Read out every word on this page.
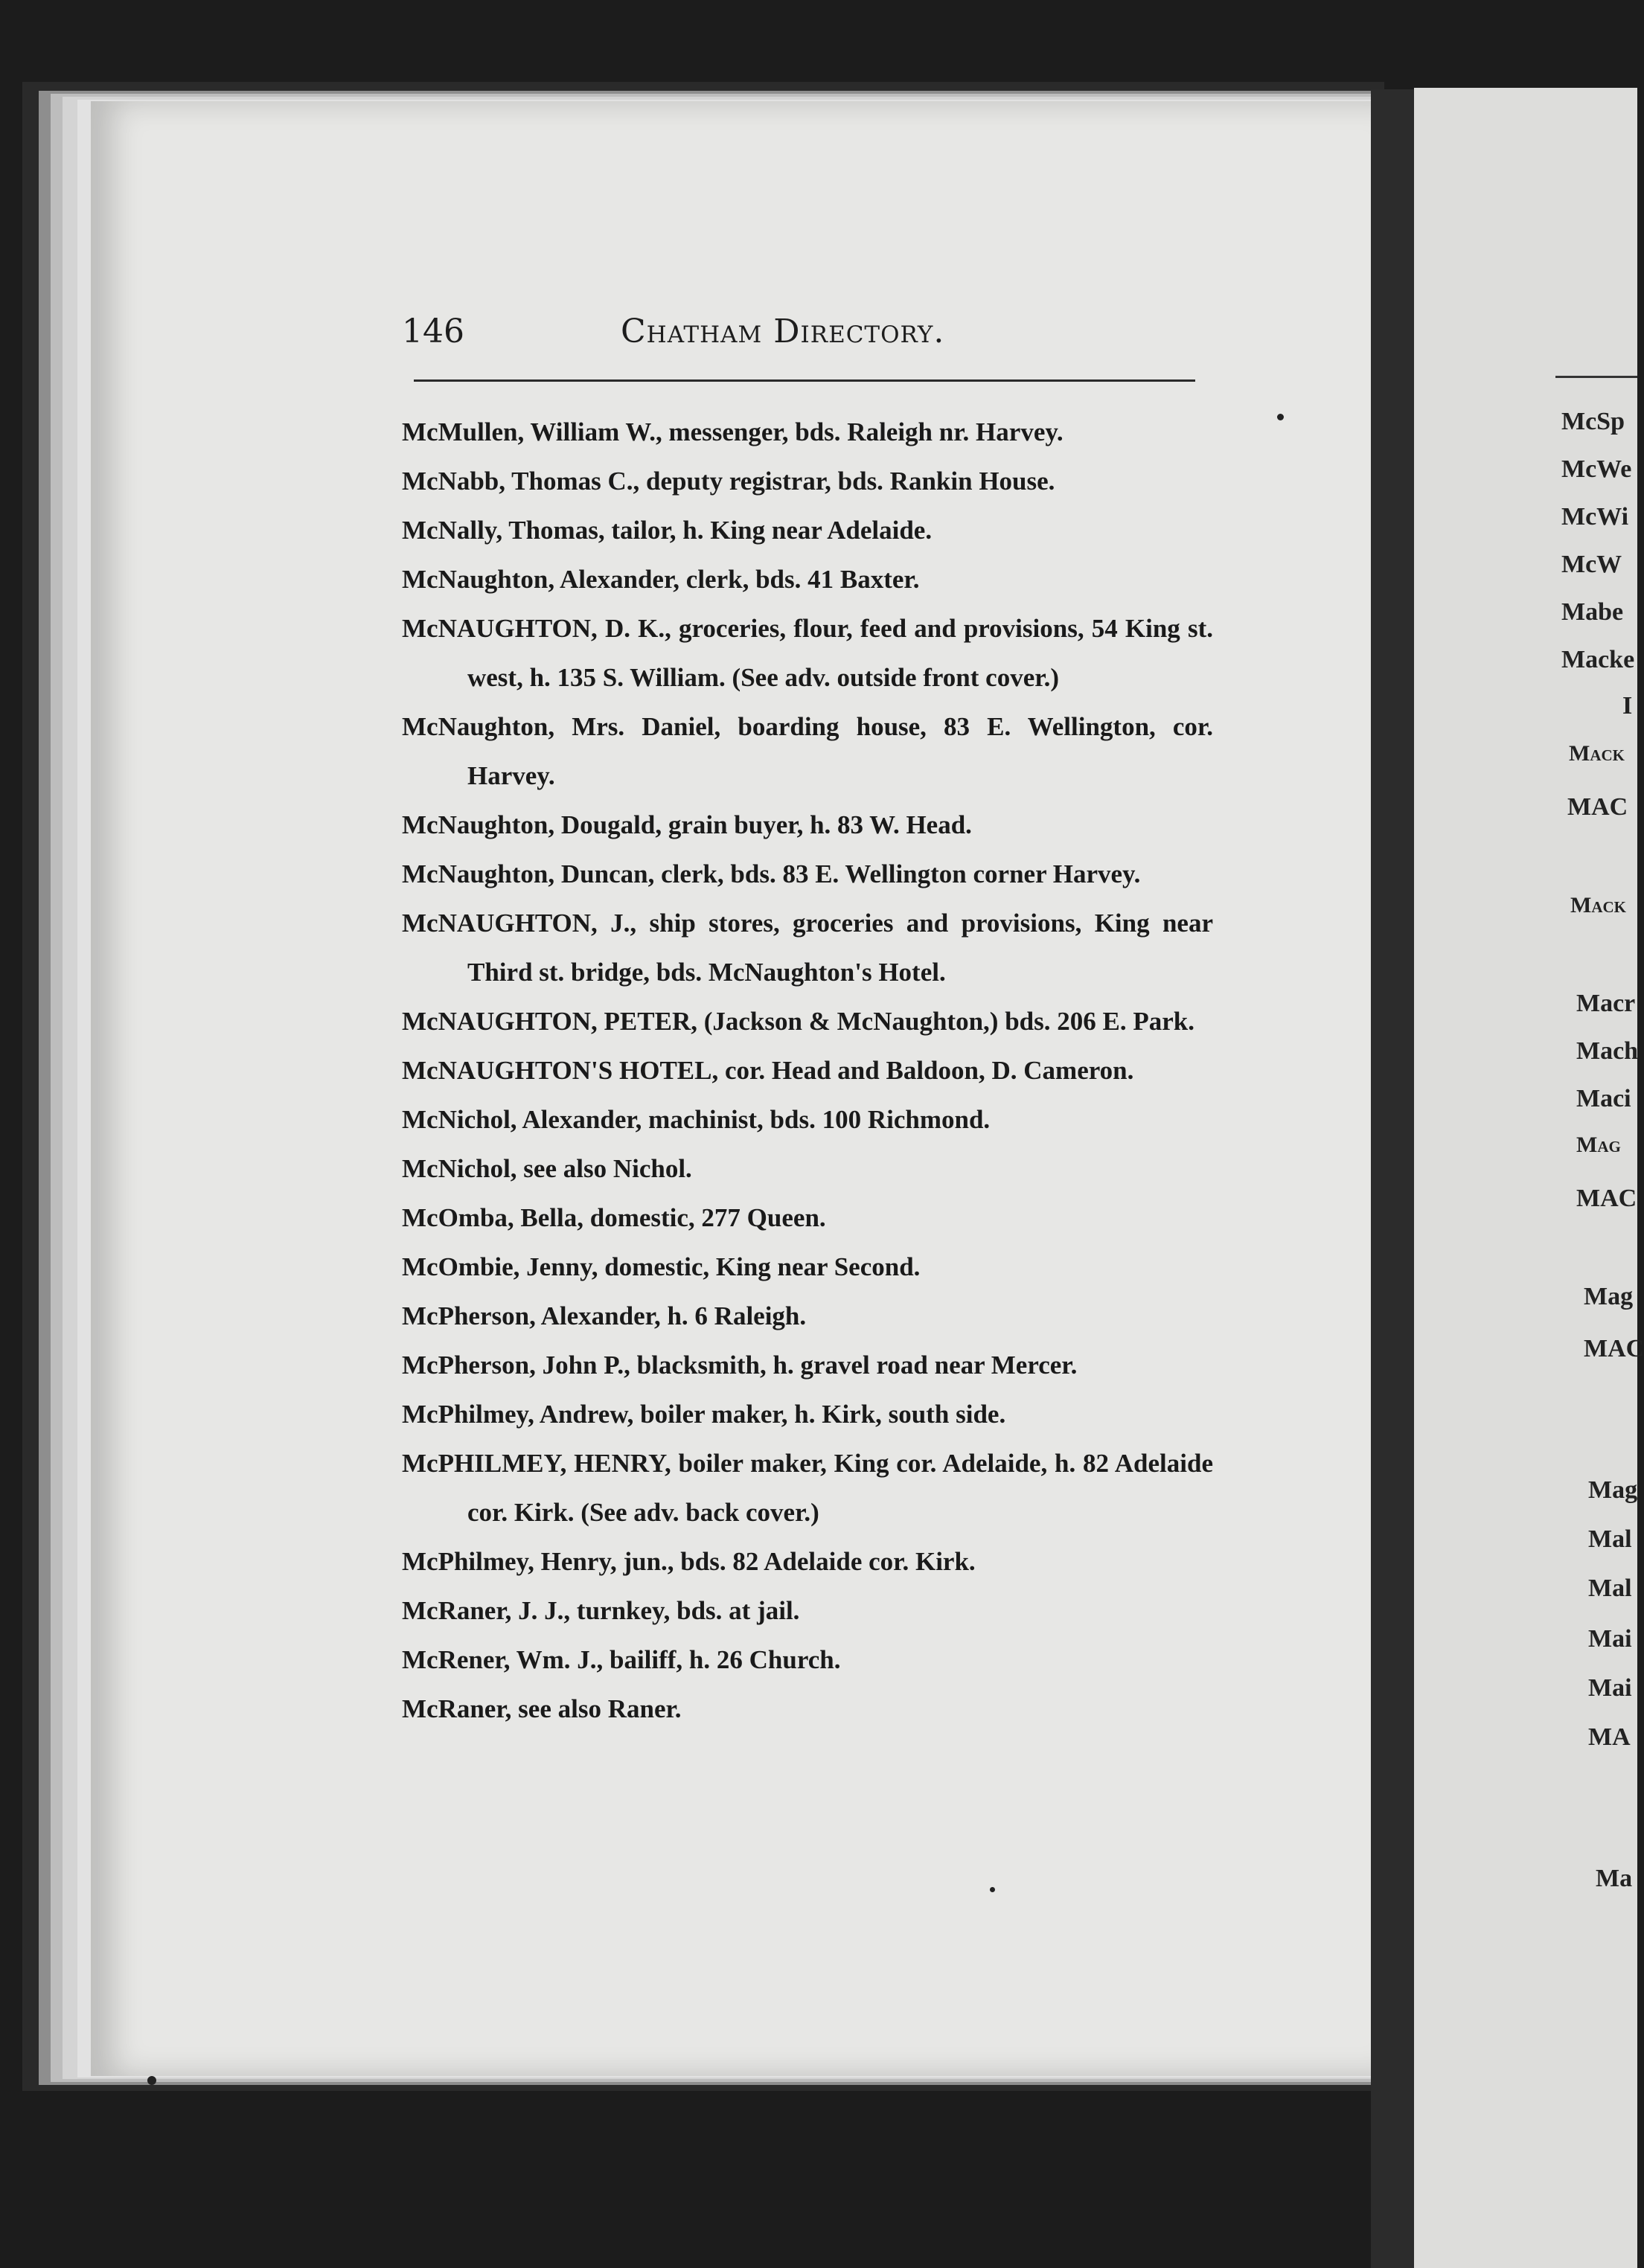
146	Chatham Directory.

McMullen, William W., messenger, bds. Raleigh nr. Harvey.

McNabb, Thomas C., deputy registrar, bds. Rankin House.

McNally, Thomas, tailor, h. King near Adelaide.

McNaughton, Alexander, clerk, bds. 41 Baxter.

McNAUGHTON, D. K., groceries, flour, feed and provisions, 54 King st. west, h. 135 S. William. (See adv. outside front cover.)

McNaughton, Mrs. Daniel, boarding house, 83 E. Wellington, cor. Harvey.

McNaughton, Dougald, grain buyer, h. 83 W. Head.

McNaughton, Duncan, clerk, bds. 83 E. Wellington corner Harvey.

McNAUGHTON, J., ship stores, groceries and provisions, King near Third st. bridge, bds. McNaughton's Hotel.

McNAUGHTON, PETER, (Jackson & McNaughton,) bds. 206 E. Park.

McNAUGHTON'S HOTEL, cor. Head and Baldoon, D. Cameron.

McNichol, Alexander, machinist, bds. 100 Richmond.

McNichol, see also Nichol.

McOmba, Bella, domestic, 277 Queen.

McOmbie, Jenny, domestic, King near Second.

McPherson, Alexander, h. 6 Raleigh.

McPherson, John P., blacksmith, h. gravel road near Mercer.

McPhilmey, Andrew, boiler maker, h. Kirk, south side.

McPHILMEY, HENRY, boiler maker, King cor. Adelaide, h. 82 Adelaide cor. Kirk. (See adv. back cover.)

McPhilmey, Henry, jun., bds. 82 Adelaide cor. Kirk.

McRaner, J. J., turnkey, bds. at jail.

McRener, Wm. J., bailiff, h. 26 Church.

McRaner, see also Raner.

McSp
McWe
McWi
McW
Mabe
Macke
I
Mack
MAC
Mack
Macr
Mach
Maci
Mag
MAC
Mag
MAC
Mag
Mal
Mal
Mai
Mai
MA
Ma
